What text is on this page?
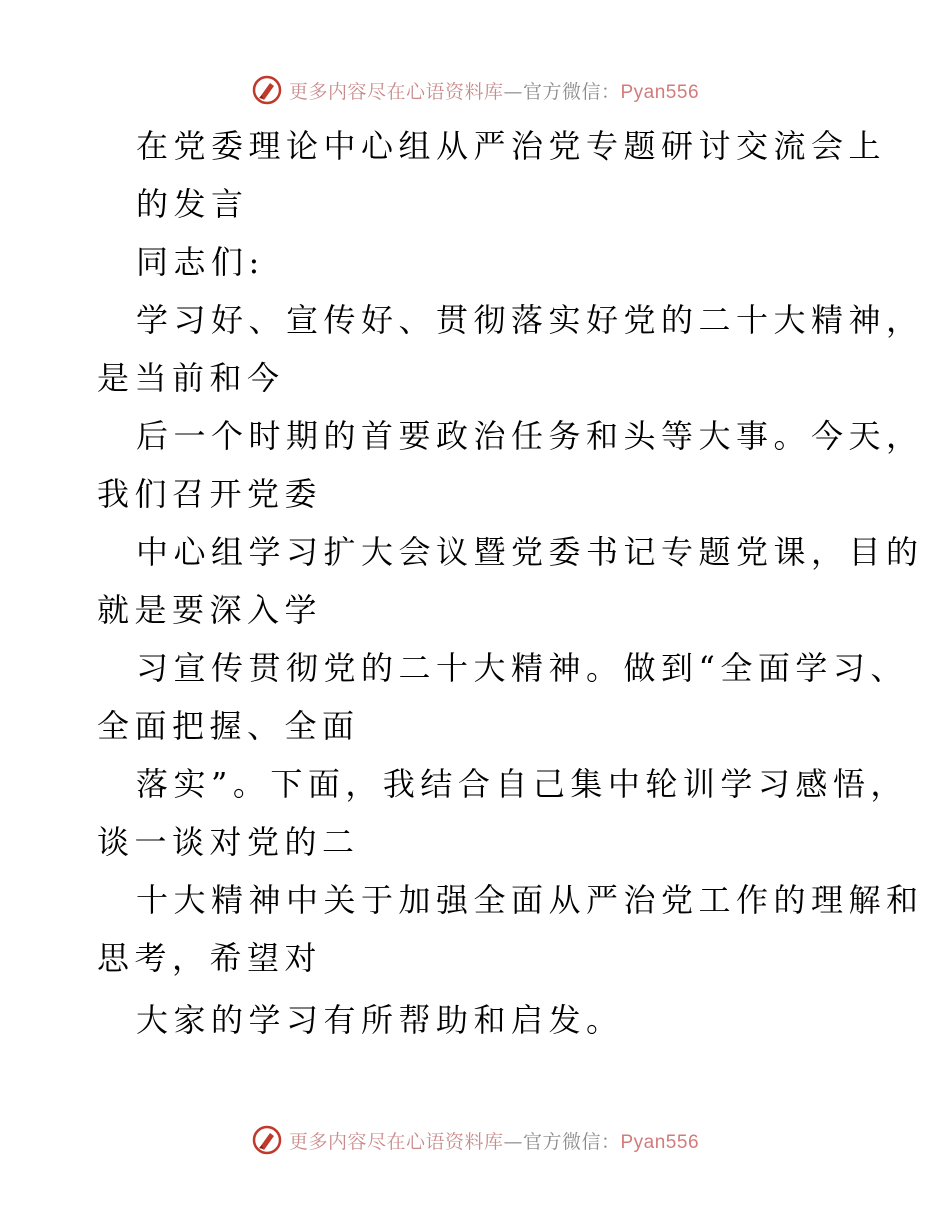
更多内容尽在心语资料库—官方微信：Pyan556
在党委理论中心组从严治党专题研讨交流会上
的发言
同志们:
学习好、宣传好、贯彻落实好党的二十大精神，
是当前和今
后一个时期的首要政治任务和头等大事。今天，
我们召开党委
中心组学习扩大会议暨党委书记专题党课，目的
就是要深入学
习宣传贯彻党的二十大精神。做到“全面学习、
全面把握、全面
落实”。下面，我结合自己集中轮训学习感悟，
谈一谈对党的二
十大精神中关于加强全面从严治党工作的理解和
思考，希望对
大家的学习有所帮助和启发。
更多内容尽在心语资料库—官方微信：Pyan556
